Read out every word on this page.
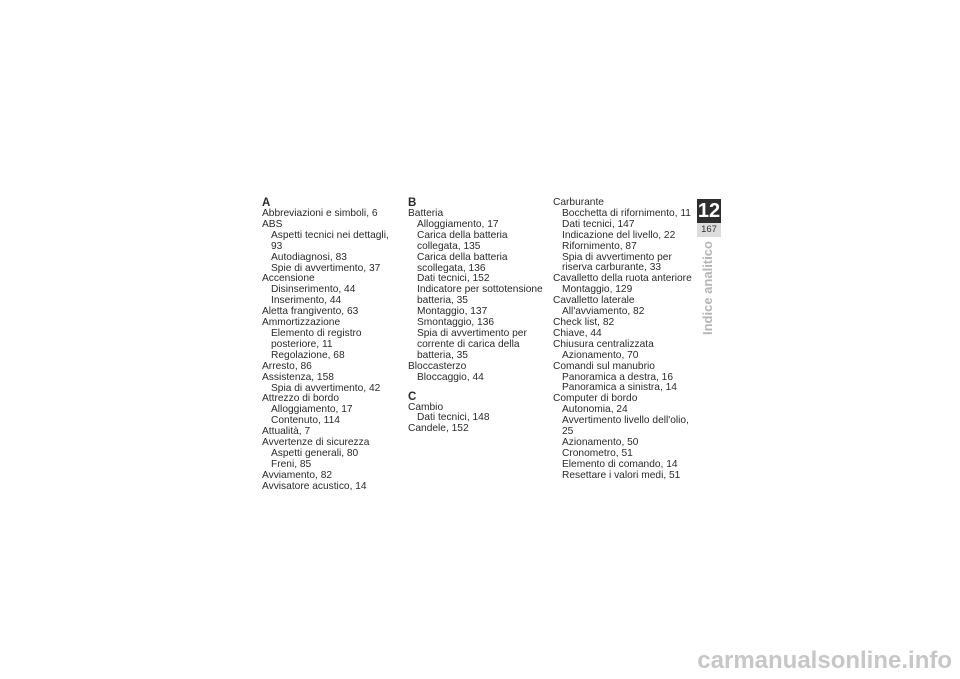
A
Abbreviazioni e simboli, 6
ABS
Aspetti tecnici nei dettagli, 93
Autodiagnosi, 83
Spie di avvertimento, 37
Accensione
Disinserimento, 44
Inserimento, 44
Aletta frangivento, 63
Ammortizzazione
Elemento di registro posteriore, 11
Regolazione, 68
Arresto, 86
Assistenza, 158
Spia di avvertimento, 42
Attrezzo di bordo
Alloggiamento, 17
Contenuto, 114
Attualità, 7
Avvertenze di sicurezza
Aspetti generali, 80
Freni, 85
Avviamento, 82
Avvisatore acustico, 14
B
Batteria
Alloggiamento, 17
Carica della batteria collegata, 135
Carica della batteria scollegata, 136
Dati tecnici, 152
Indicatore per sottotensione batteria, 35
Montaggio, 137
Smontaggio, 136
Spia di avvertimento per corrente di carica della batteria, 35
Bloccasterzo
Bloccaggio, 44
C
Cambio
Dati tecnici, 148
Candele, 152
Carburante
Bocchetta di rifornimento, 11
Dati tecnici, 147
Indicazione del livello, 22
Rifornimento, 87
Spia di avvertimento per riserva carburante, 33
Cavalletto della ruota anteriore
Montaggio, 129
Cavalletto laterale
All'avviamento, 82
Check list, 82
Chiave, 44
Chiusura centralizzata
Azionamento, 70
Comandi sul manubrio
Panoramica a destra, 16
Panoramica a sinistra, 14
Computer di bordo
Autonomia, 24
Avvertimento livello dell'olio, 25
Azionamento, 50
Cronometro, 51
Elemento di comando, 14
Resettare i valori medi, 51
12
167
Indice analitico
carmanualsonline.info
